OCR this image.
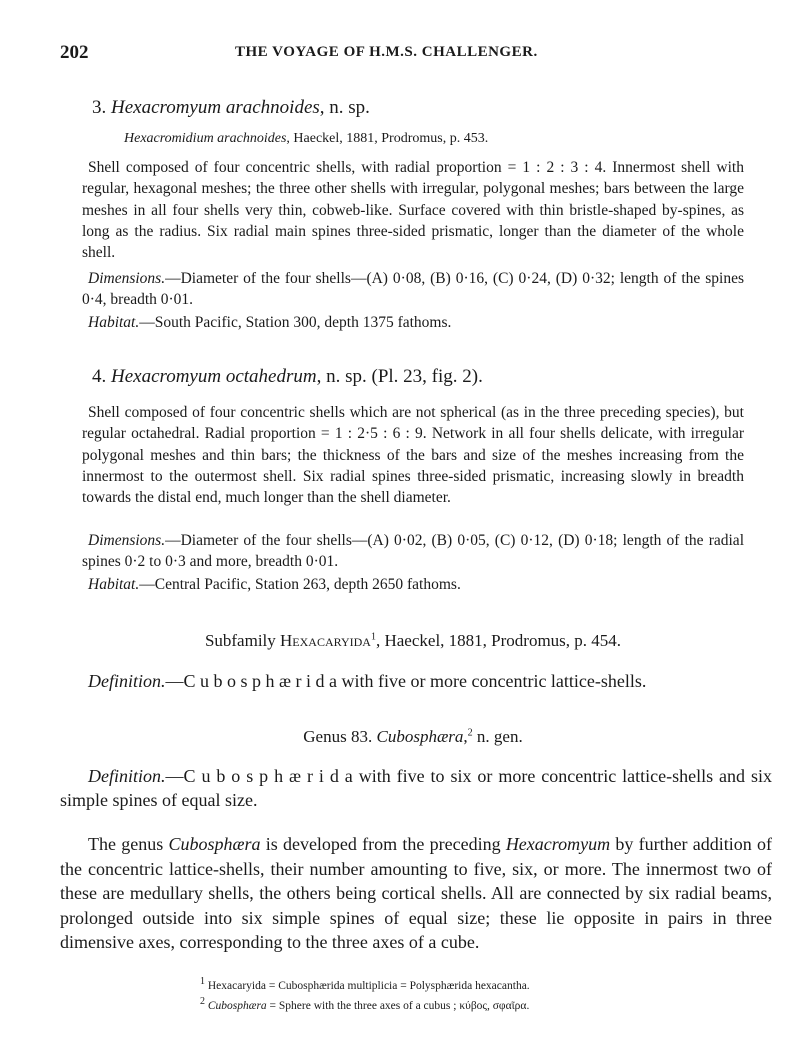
202	THE VOYAGE OF H.M.S. CHALLENGER.
3. Hexacromyum arachnoides, n. sp.
Hexacromidium arachnoides, Haeckel, 1881, Prodromus, p. 453.
Shell composed of four concentric shells, with radial proportion = 1 : 2 : 3 : 4. Innermost shell with regular, hexagonal meshes; the three other shells with irregular, polygonal meshes; bars between the large meshes in all four shells very thin, cobweb-like. Surface covered with thin bristle-shaped by-spines, as long as the radius. Six radial main spines three-sided prismatic, longer than the diameter of the whole shell.
Dimensions.—Diameter of the four shells—(A) 0·08, (B) 0·16, (C) 0·24, (D) 0·32; length of the spines 0·4, breadth 0·01.
Habitat.—South Pacific, Station 300, depth 1375 fathoms.
4. Hexacromyum octahedrum, n. sp. (Pl. 23, fig. 2).
Shell composed of four concentric shells which are not spherical (as in the three preceding species), but regular octahedral. Radial proportion = 1 : 2·5 : 6 : 9. Network in all four shells delicate, with irregular polygonal meshes and thin bars; the thickness of the bars and size of the meshes increasing from the innermost to the outermost shell. Six radial spines three-sided prismatic, increasing slowly in breadth towards the distal end, much longer than the shell diameter.
Dimensions.—Diameter of the four shells—(A) 0·02, (B) 0·05, (C) 0·12, (D) 0·18; length of the radial spines 0·2 to 0·3 and more, breadth 0·01.
Habitat.—Central Pacific, Station 263, depth 2650 fathoms.
Subfamily Hexacaryida$^1$, Haeckel, 1881, Prodromus, p. 454.
Definition.—C u b o s p h æ r i d a with five or more concentric lattice-shells.
Genus 83. Cubosphæra,$^2$ n. gen.
Definition.—C u b o s p h æ r i d a with five to six or more concentric lattice-shells and six simple spines of equal size.
The genus Cubosphæra is developed from the preceding Hexacromyum by further addition of the concentric lattice-shells, their number amounting to five, six, or more. The innermost two of these are medullary shells, the others being cortical shells. All are connected by six radial beams, prolonged outside into six simple spines of equal size; these lie opposite in pairs in three dimensive axes, corresponding to the three axes of a cube.
$^1$ Hexacaryida = Cubosphærida multiplicia = Polysphærida hexacantha.
$^2$ Cubosphæra = Sphere with the three axes of a cubus ; κύβος, σφαῖρα.
